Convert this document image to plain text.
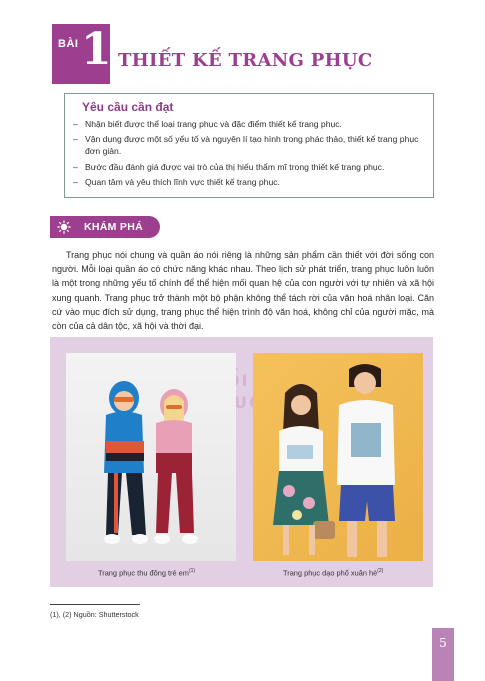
BÀI 1 THIẾT KẾ TRANG PHỤC
Yêu cầu cần đạt
– Nhận biết được thể loại trang phục và đặc điểm thiết kế trang phục.
– Vận dụng được một số yếu tố và nguyên lí tạo hình trong phác thảo, thiết kế trang phục đơn giản.
– Bước đầu đánh giá được vai trò của thị hiếu thẩm mĩ trong thiết kế trang phục.
– Quan tâm và yêu thích lĩnh vực thiết kế trang phục.
KHÁM PHÁ

Trang phục nói chung và quần áo nói riêng là những sản phẩm cần thiết với đời sống con người. Mỗi loại quần áo có chức năng khác nhau. Theo lịch sử phát triển, trang phục luôn luôn là một trong những yếu tố chính để thể hiện mối quan hệ của con người với tự nhiên và xã hội xung quanh. Trang phục trở thành một bộ phận không thể tách rời của văn hoá nhân loại. Căn cứ vào mục đích sử dụng, trang phục thể hiện trình độ văn hoá, không chỉ của người mặc, mà còn của cả dân tộc, xã hội và thời đại.

CUỘC
Trang phục thu đông trẻ $em^{(1)}$	Trang phục dạo phố xuân $hè^{(2)}$
(1), (2) Nguồn: Shutterstock
5
